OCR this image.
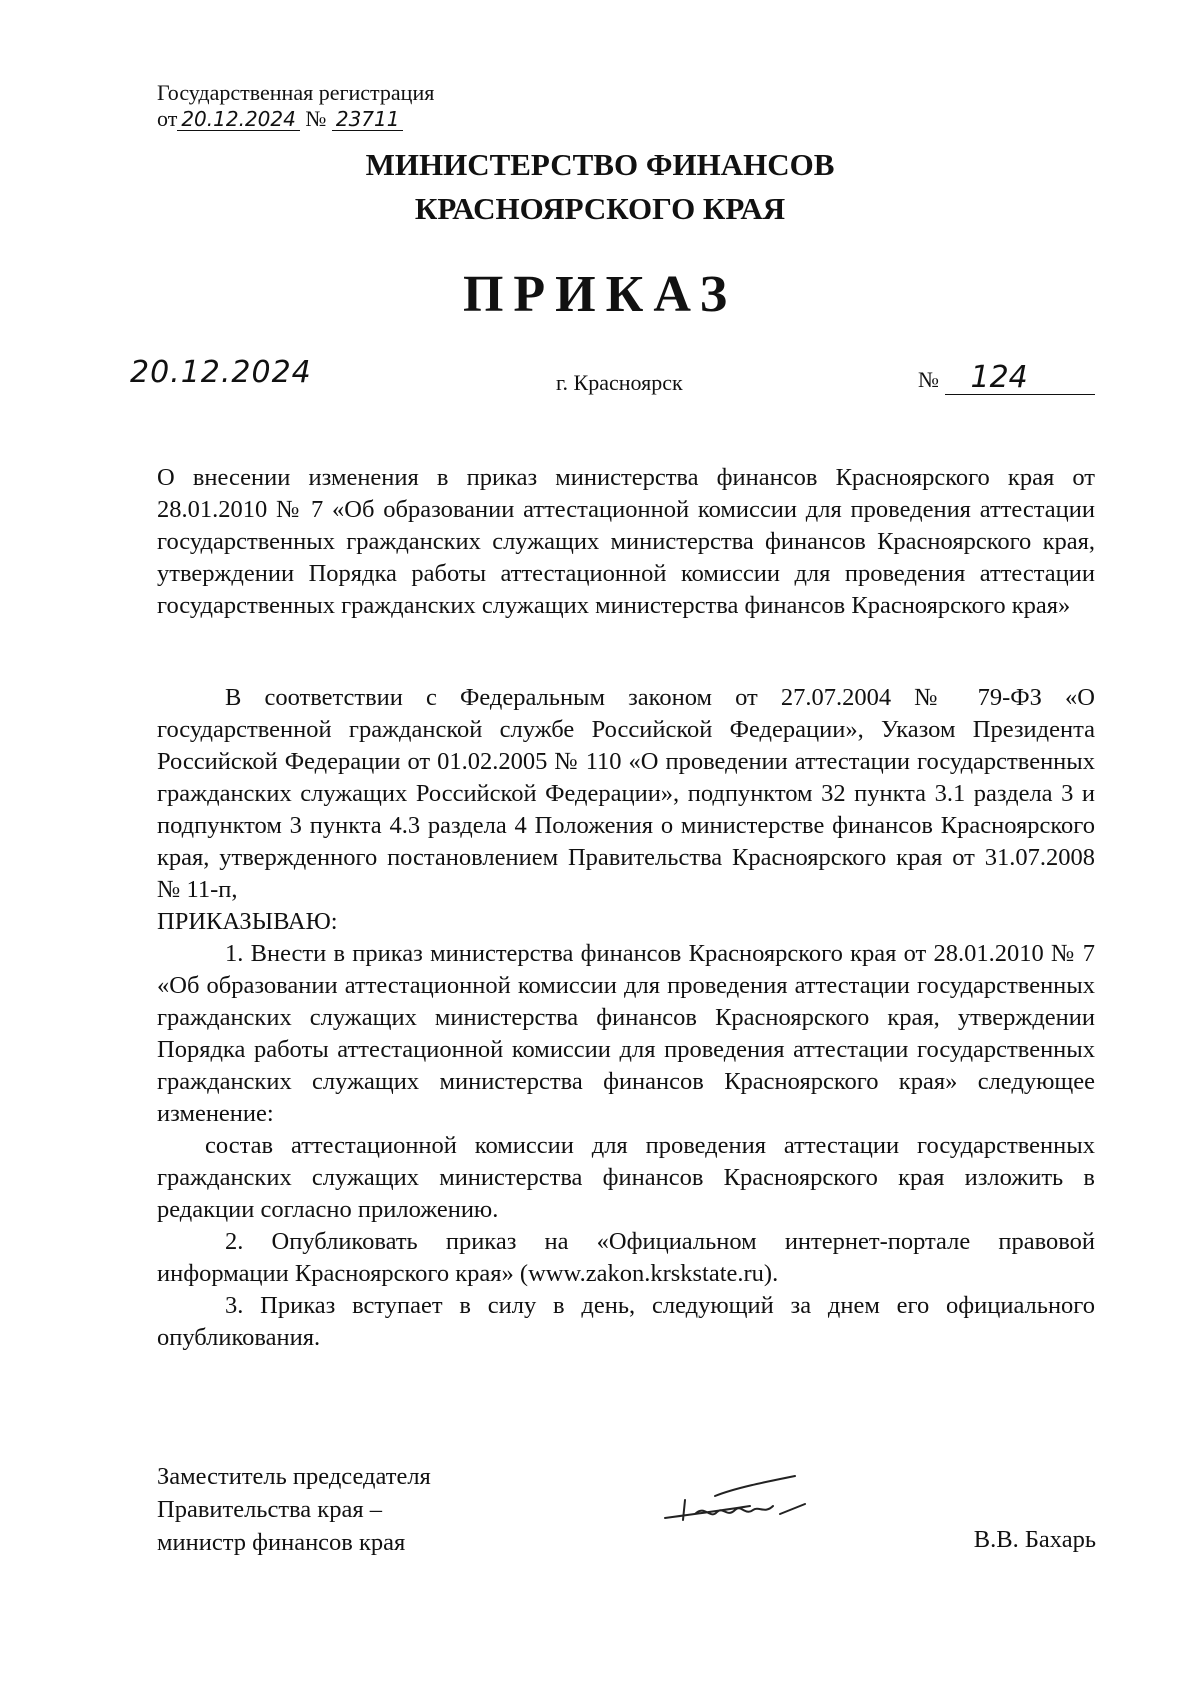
Государственная регистрация
от 20.12.2024 № 23711
МИНИСТЕРСТВО ФИНАНСОВ
КРАСНОЯРСКОГО КРАЯ
ПРИКАЗ
20.12.2024	г. Красноярск	№ 124

О внесении изменения в приказ министерства финансов Красноярского края от 28.01.2010 № 7 «Об образовании аттестационной комиссии для проведения аттестации государственных гражданских служащих министерства финансов Красноярского края, утверждении Порядка работы аттестационной комиссии для проведения аттестации государственных гражданских служащих министерства финансов Красноярского края»

В соответствии с Федеральным законом от 27.07.2004 № 79-ФЗ «О государственной гражданской службе Российской Федерации», Указом Президента Российской Федерации от 01.02.2005 № 110 «О проведении аттестации государственных гражданских служащих Российской Федерации», подпунктом 32 пункта 3.1 раздела 3 и подпунктом 3 пункта 4.3 раздела 4 Положения о министерстве финансов Красноярского края, утвержденного постановлением Правительства Красноярского края от 31.07.2008 № 11-п,

ПРИКАЗЫВАЮ:

1. Внести в приказ министерства финансов Красноярского края от 28.01.2010 № 7 «Об образовании аттестационной комиссии для проведения аттестации государственных гражданских служащих министерства финансов Красноярского края, утверждении Порядка работы аттестационной комиссии для проведения аттестации государственных гражданских служащих министерства финансов Красноярского края» следующее изменение:

состав аттестационной комиссии для проведения аттестации государственных гражданских служащих министерства финансов Красноярского края изложить в редакции согласно приложению.

2. Опубликовать приказ на «Официальном интернет-портале правовой информации Красноярского края» (www.zakon.krskstate.ru).

3. Приказ вступает в силу в день, следующий за днем его официального опубликования.

Заместитель председателя
Правительства края –
министр финансов края	В.В. Бахарь
